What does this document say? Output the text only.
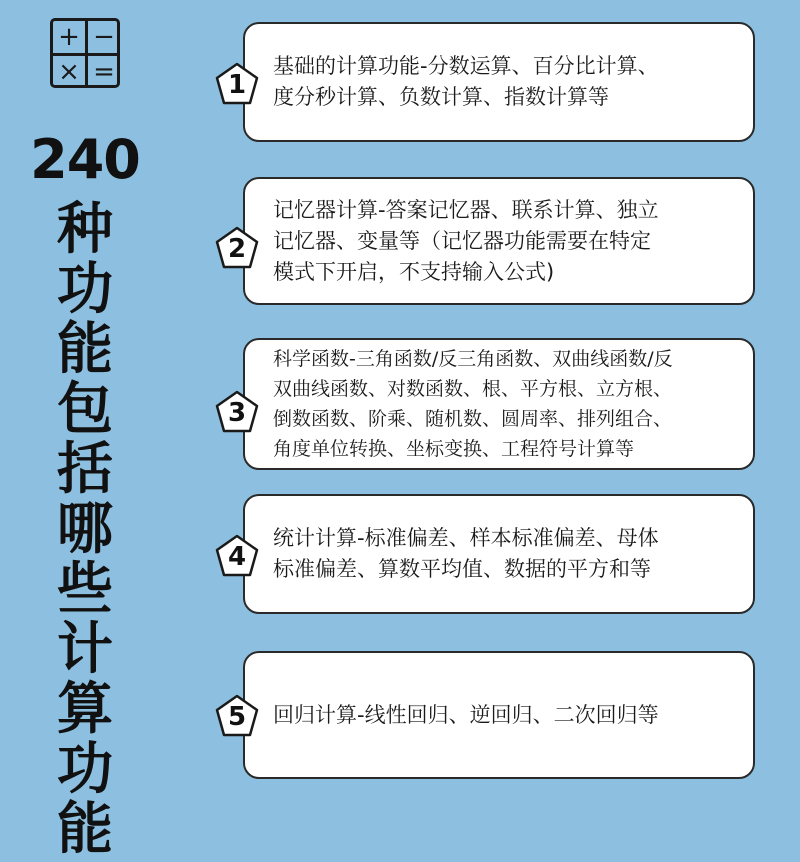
+ −
× =
240
种
功
能
包
括
哪
些
计
算
功
能
基础的计算功能-分数运算、百分比计算、
度分秒计算、负数计算、指数计算等
1
记忆器计算-答案记忆器、联系计算、独立
记忆器、变量等（记忆器功能需要在特定
模式下开启，不支持输入公式)
2
科学函数-三角函数/反三角函数、双曲线函数/反
双曲线函数、对数函数、根、平方根、立方根、
倒数函数、阶乘、随机数、圆周率、排列组合、
角度单位转换、坐标变换、工程符号计算等
3
统计计算-标准偏差、样本标准偏差、母体
标准偏差、算数平均值、数据的平方和等
4
回归计算-线性回归、逆回归、二次回归等
5
